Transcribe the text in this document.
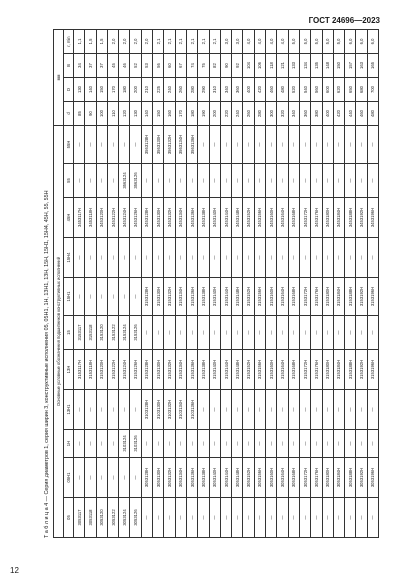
ГОСТ 24696—2023
Т а б л и ц а 4 — Серия диаметров 1, серия ширин 3, конструктивные исполнения 05, 05Н1, 1Н, 13Н1, 13Н, 15Н, 15Н1, 15Н4, 45Н, 55, 55Н	Основные условные обозначения подшипников конструктивных исполнений											мм			
05	05Н1	1Н	13Н1	13Н	15	15Н1	15Н4	45Н	55	55Н	d	D	B	r, min
3053117	—	—	—	3153117Н	3153117	—	—	3453117Н	—	—	85	130	34	1,1
3053118	—	—	—	3153118Н	3153118	—	—	3453118Н	—	—	90	140	37	1,5
3053120	—	—	—	3153120Н	3153120	—	—	3453120Н	—	—	100	150	37	1,5
3053122	—	—	—	3153122Н	3153122	—	—	3453122Н	—	—	110	170	45	2,0
3053124	—	3103124	—	3153124Н	3153124	—	—	3453124Н	3563124	—	120	180	46	2,0
3053126	—	3103126	—	3153126Н	3153126	—	—	3453126Н	3563126	—	130	200	52	2,0
—	3053128Н	—	3103128Н	3153128Н	—	3153128Н	—	3453128Н	—	3563128Н	140	210	53	2,0
—	3053130Н	—	3103130Н	3153130Н	—	3153130Н	—	3453130Н	—	3563130Н	150	225	56	2,1
—	3053132Н	—	3103132Н	3153132Н	—	3153132Н	—	3453132Н	—	3563132Н	160	240	60	2,1
—	3053134Н	—	3103134Н	3153134Н	—	3153134Н	—	3453134Н	—	3563134Н	170	260	67	2,1
—	3053136Н	—	3103136Н	3153136Н	—	3153136Н	—	3453136Н	—	3563136Н	180	280	74	2,1
—	3053138Н	—	—	3153138Н	—	3153138Н	—	3453138Н	—	—	190	290	75	2,1
—	3053140Н	—	—	3153140Н	—	3153140Н	—	3453140Н	—	—	200	310	82	2,1
—	3053144Н	—	—	3153144Н	—	3153144Н	—	3453144Н	—	—	220	340	90	3,0
—	3053148Н	—	—	3153148Н	—	3153148Н	—	3453148Н	—	—	240	360	92	3,0
—	3053152Н	—	—	3153152Н	—	3153152Н	—	3453152Н	—	—	260	400	104	4,0
—	3053156Н	—	—	3153156Н	—	3153156Н	—	3453156Н	—	—	280	420	106	4,0
—	3053160Н	—	—	3153160Н	—	3153160Н	—	3453160Н	—	—	300	460	118	4,0
—	3053164Н	—	—	3153164Н	—	3153164Н	—	3453164Н	—	—	320	480	121	4,0
—	3053168Н	—	—	3153168Н	—	3153168Н	—	3453168Н	—	—	340	520	133	5,0
—	3053172Н	—	—	3153172Н	—	3153172Н	—	3453172Н	—	—	360	540	134	5,0
—	3053176Н	—	—	3153176Н	—	3153176Н	—	3453176Н	—	—	380	560	135	5,0
—	3053180Н	—	—	3153180Н	—	3153180Н	—	3453180Н	—	—	400	600	148	5,0
—	3053184Н	—	—	3153184Н	—	3153184Н	—	3453184Н	—	—	420	620	150	5,0
—	3053188Н	—	—	3153188Н	—	3153188Н	—	3453188Н	—	—	440	650	157	6,0
—	3053192Н	—	—	3153192Н	—	3153192Н	—	3453192Н	—	—	460	680	163	6,0
—	3053196Н	—	—	3153196Н	—	3153196Н	—	3453196Н	—	—	480	700	165	6,0
12
